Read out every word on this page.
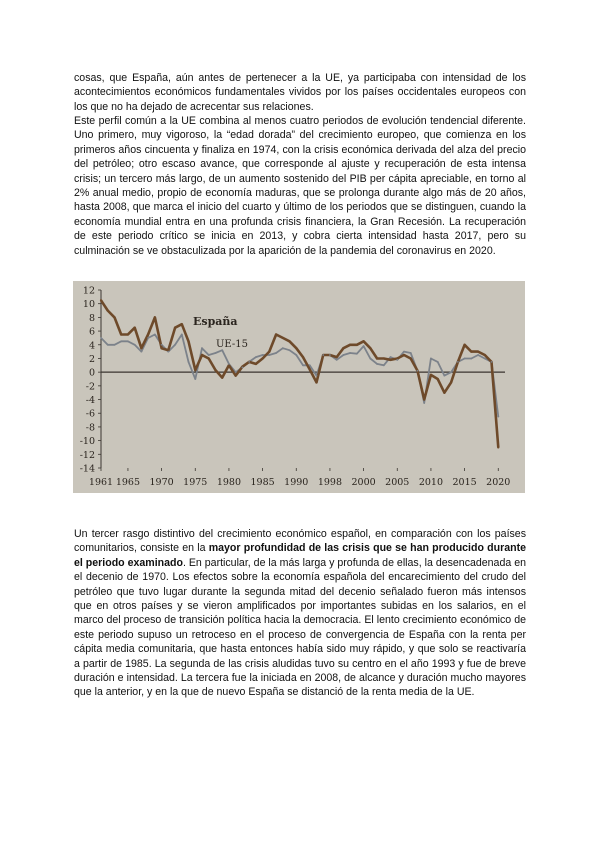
cosas, que España, aún antes de pertenecer a la UE, ya participaba con intensidad de los acontecimientos económicos fundamentales vividos por los países occidentales europeos con los que no ha dejado de acrecentar sus relaciones.

Este perfil común a la UE combina al menos cuatro periodos de evolución tendencial diferente. Uno primero, muy vigoroso, la “edad dorada” del crecimiento europeo, que comienza en los primeros años cincuenta y finaliza en 1974, con la crisis económica derivada del alza del precio del petróleo; otro escaso avance, que corresponde al ajuste y recuperación de esta intensa crisis; un tercero más largo, de un aumento sostenido del PIB per cápita apreciable, en torno al 2% anual medio, propio de economía maduras, que se prolonga durante algo más de 20 años, hasta 2008, que marca el inicio del cuarto y último de los periodos que se distinguen, cuando la economía mundial entra en una profunda crisis financiera, la Gran Recesión. La recuperación de este periodo crítico se inicia en 2013, y cobra cierta intensidad hasta 2017, pero su culminación se ve obstaculizada por la aparición de la pandemia del coronavirus en 2020.

12
10
8
6
4
2
0
-2
-4
-6
-8
-10
-12
-14
1961 1965 1970 1975 1980 1985 1990 1998 2000 2005 2010 2015 2020
España
UE-15

Un tercer rasgo distintivo del crecimiento económico español, en comparación con los países comunitarios, consiste en la mayor profundidad de las crisis que se han producido durante el periodo examinado. En particular, de la más larga y profunda de ellas, la desencadenada en el decenio de 1970. Los efectos sobre la economía española del encarecimiento del crudo del petróleo que tuvo lugar durante la segunda mitad del decenio señalado fueron más intensos que en otros países y se vieron amplificados por importantes subidas en los salarios, en el marco del proceso de transición política hacia la democracia. El lento crecimiento económico de este periodo supuso un retroceso en el proceso de convergencia de España con la renta per cápita media comunitaria, que hasta entonces había sido muy rápido, y que solo se reactivaría a partir de 1985. La segunda de las crisis aludidas tuvo su centro en el año 1993 y fue de breve duración e intensidad. La tercera fue la iniciada en 2008, de alcance y duración mucho mayores que la anterior, y en la que de nuevo España se distanció de la renta media de la UE.
